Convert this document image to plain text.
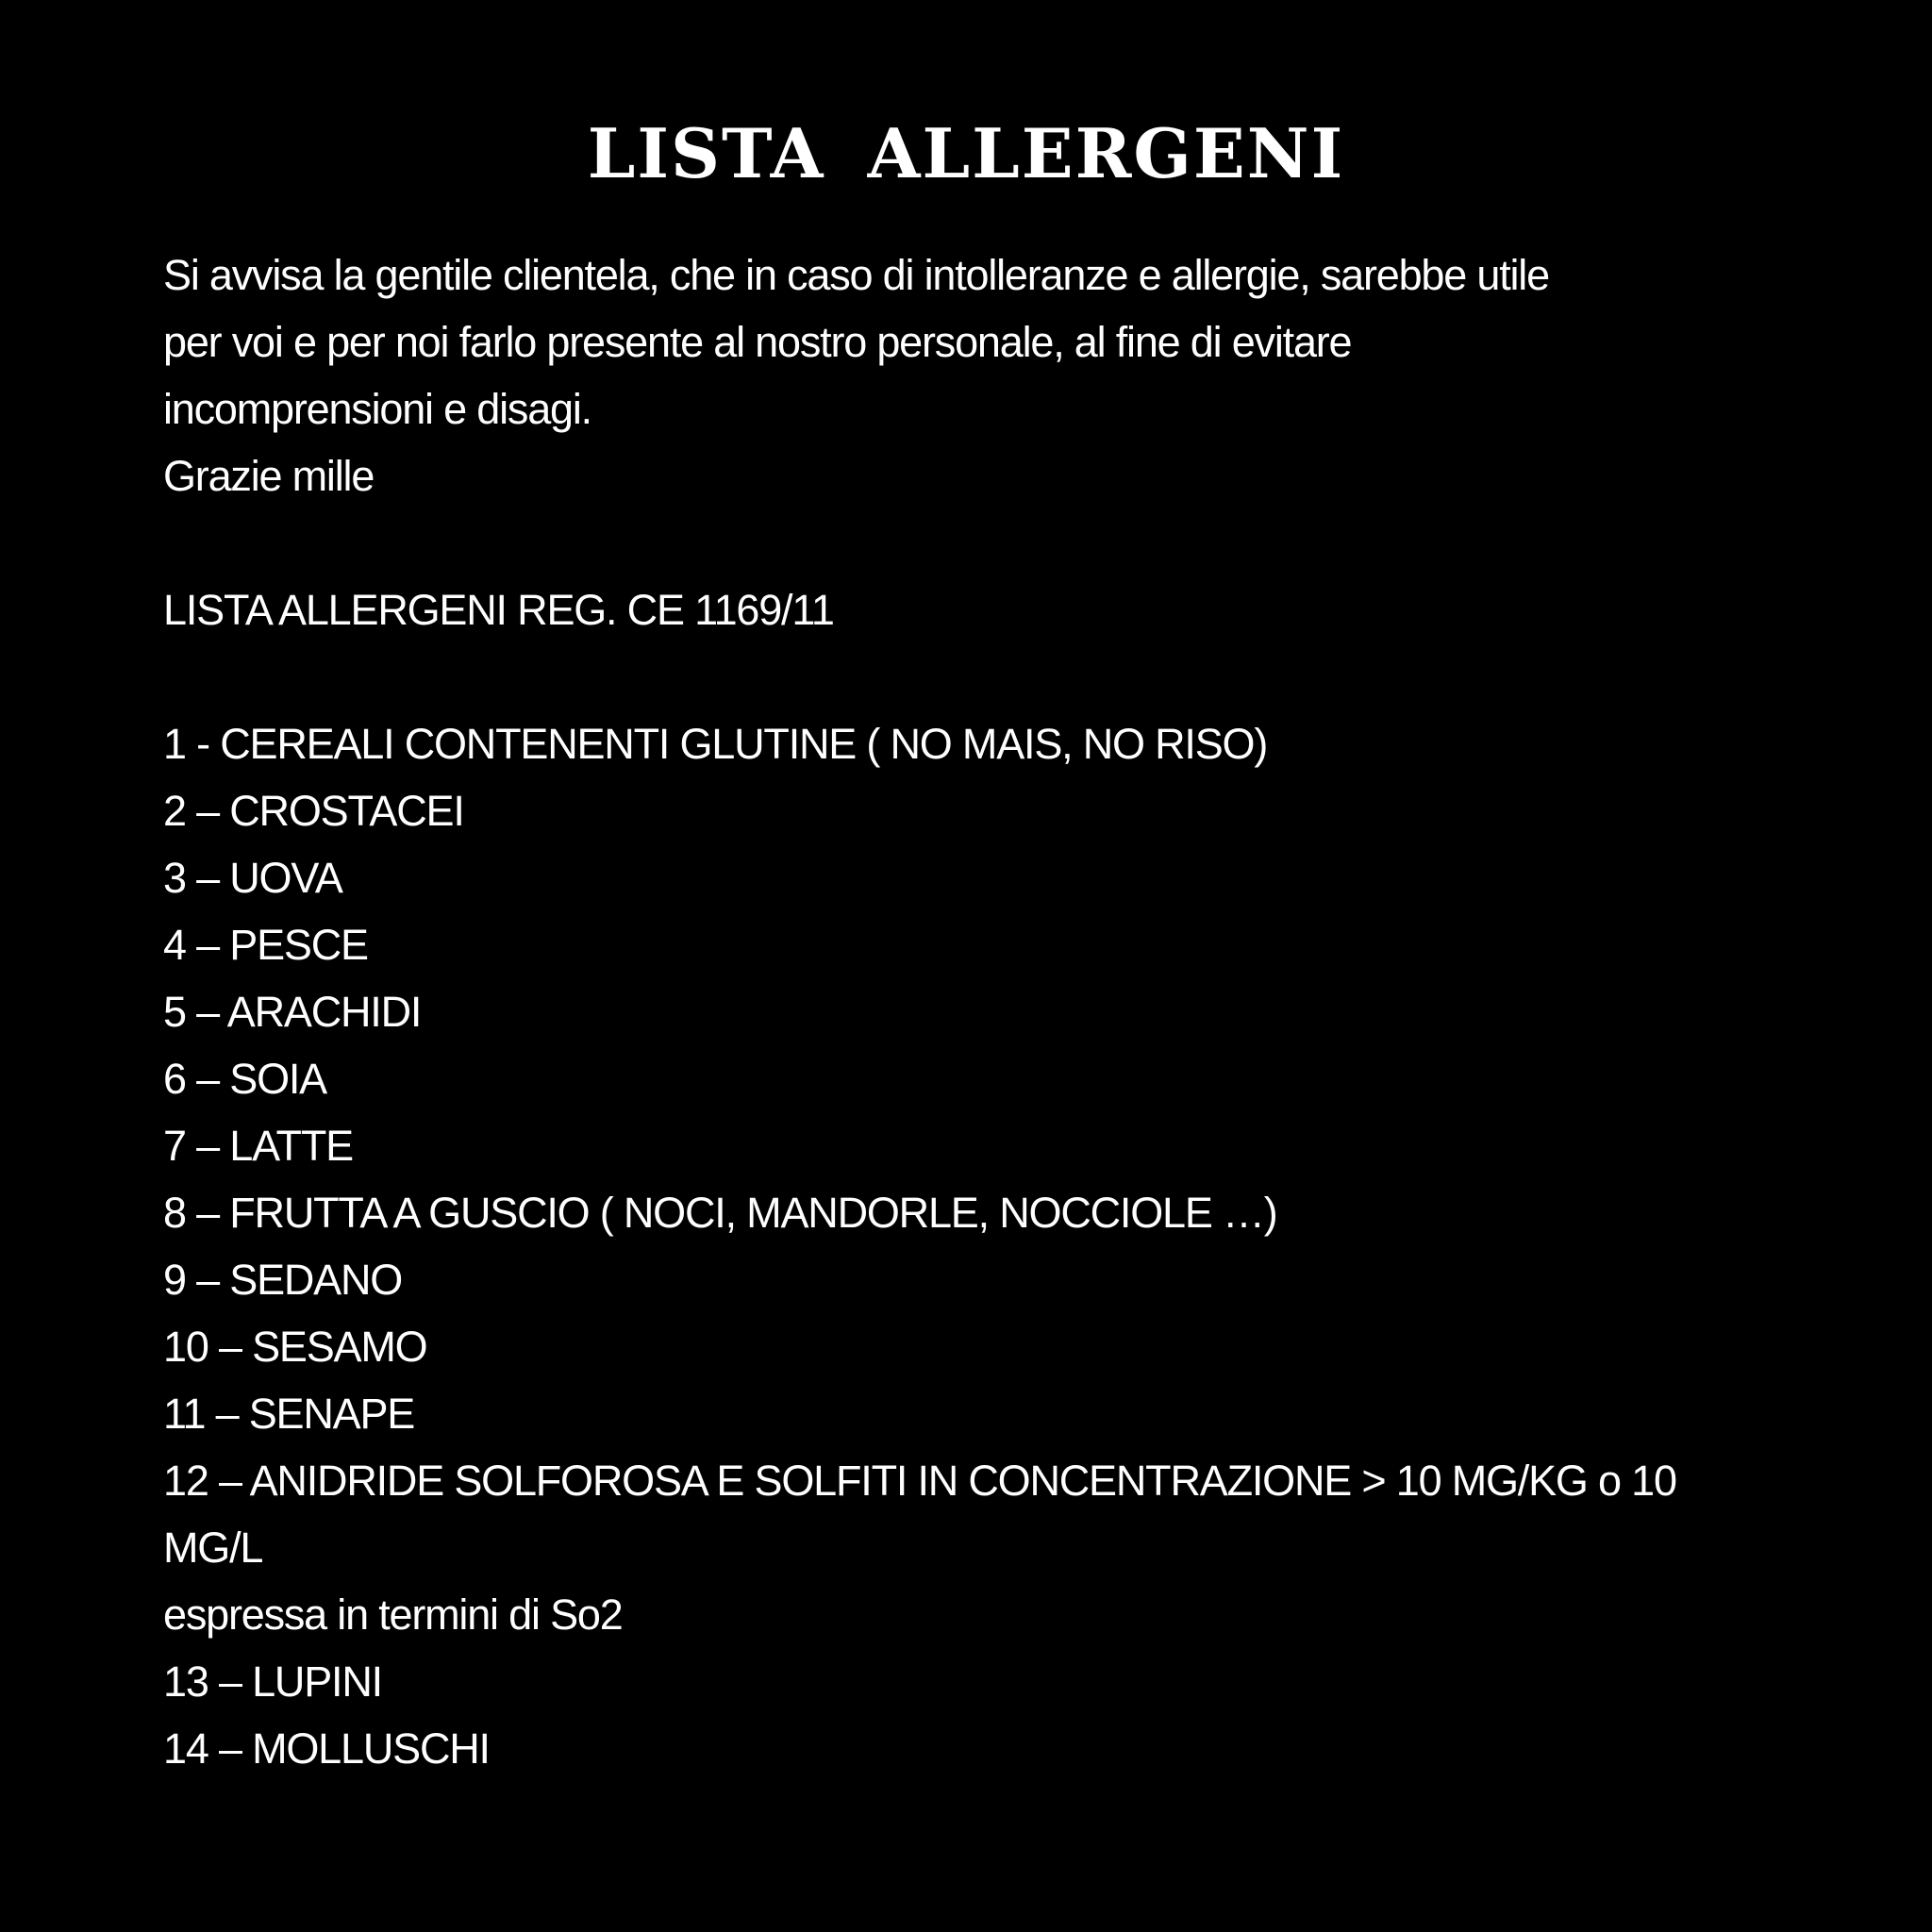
LISTA ALLERGENI
Si avvisa la gentile clientela, che in caso di intolleranze e allergie, sarebbe utile
per voi e per noi farlo presente al nostro personale, al fine di evitare
incomprensioni e disagi.
Grazie mille
LISTA ALLERGENI REG. CE 1169/11
1 - CEREALI CONTENENTI GLUTINE ( NO MAIS, NO RISO)
2 – CROSTACEI
3 – UOVA
4 – PESCE
5 – ARACHIDI
6 – SOIA
7 – LATTE
8 – FRUTTA A GUSCIO ( NOCI, MANDORLE, NOCCIOLE …)
9 – SEDANO
10 – SESAMO
11 – SENAPE
12 – ANIDRIDE SOLFOROSA E SOLFITI IN CONCENTRAZIONE > 10 MG/KG o 10
MG/L
espressa in termini di So2
13 – LUPINI
14 – MOLLUSCHI
